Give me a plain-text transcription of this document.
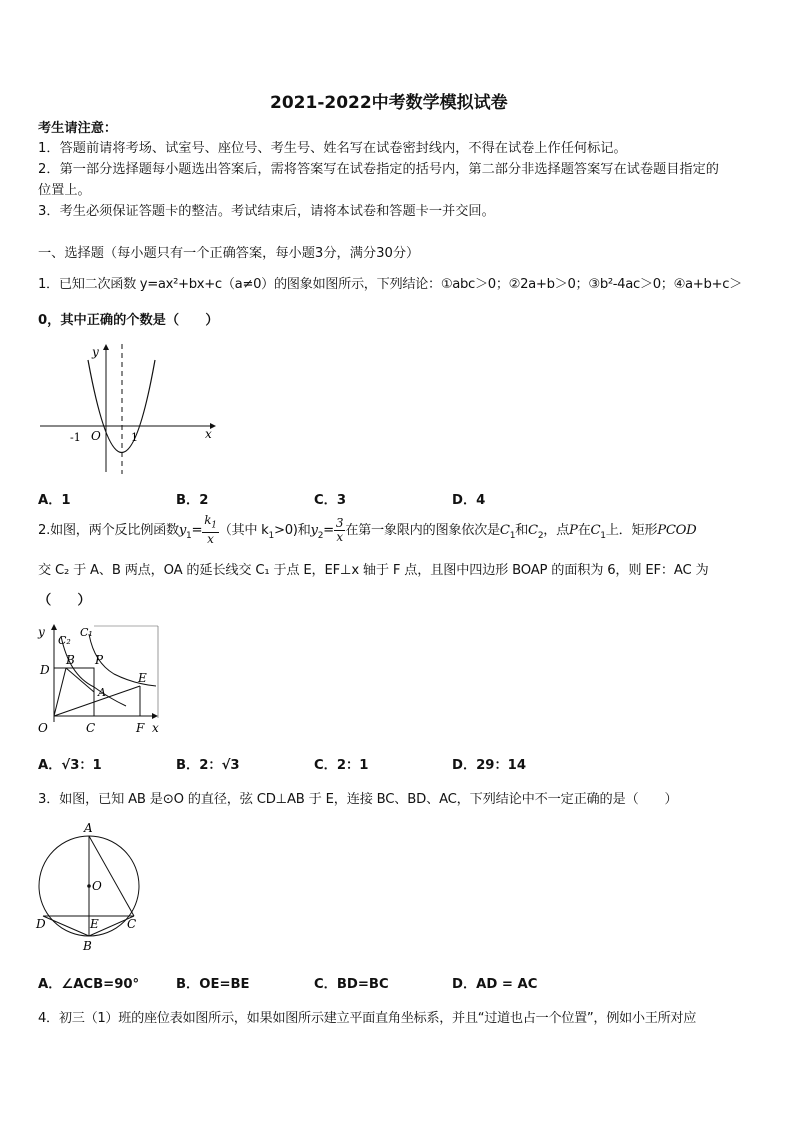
2021-2022中考数学模拟试卷
考生请注意：
1．答题前请将考场、试室号、座位号、考生号、姓名写在试卷密封线内，不得在试卷上作任何标记。
2．第一部分选择题每小题选出答案后，需将答案写在试卷指定的括号内，第二部分非选择题答案写在试卷题目指定的
位置上。
3．考生必须保证答题卡的整洁。考试结束后，请将本试卷和答题卡一并交回。
一、选择题（每小题只有一个正确答案，每小题3分，满分30分）
1．已知二次函数 y=ax²+bx+c（a≠0）的图象如图所示，下列结论：①abc＞0；②2a+b＞0；③b²-4ac＞0；④a+b+c＞
0，其中正确的个数是（　　）
y
x
O
-1	1
A．1	B．2	C．3	D．4
2.如图，两个反比例函数$y_1= \frac{k_1}{x}$ （其中 $k_1>0$)和$y_2= \frac{3}{x}$ 在第一象限内的图象依次是$C_1$和$C_2$，点P在$C_1$上．矩形PCOD
交 C₂ 于 A、B 两点，OA 的延长线交 C₁ 于点 E，EF⊥x 轴于 F 点，且图中四边形 BOAP 的面积为 6，则 EF：AC 为
（　　）
y
C₂
C₁
B P
D
E
A
O	C	F x
A．√3：1	B．2：√3	C．2：1	D．29：14
3．如图，已知 AB 是⊙O 的直径，弦 CD⊥AB 于 E，连接 BC、BD、AC，下列结论中不一定正确的是（　　）
A
O
D	E C
B
A．∠ACB=90°	B．OE=BE	C．BD=BC	D．AD = AC
4．初三（1）班的座位表如图所示，如果如图所示建立平面直角坐标系，并且“过道也占一个位置”，例如小王所对应
